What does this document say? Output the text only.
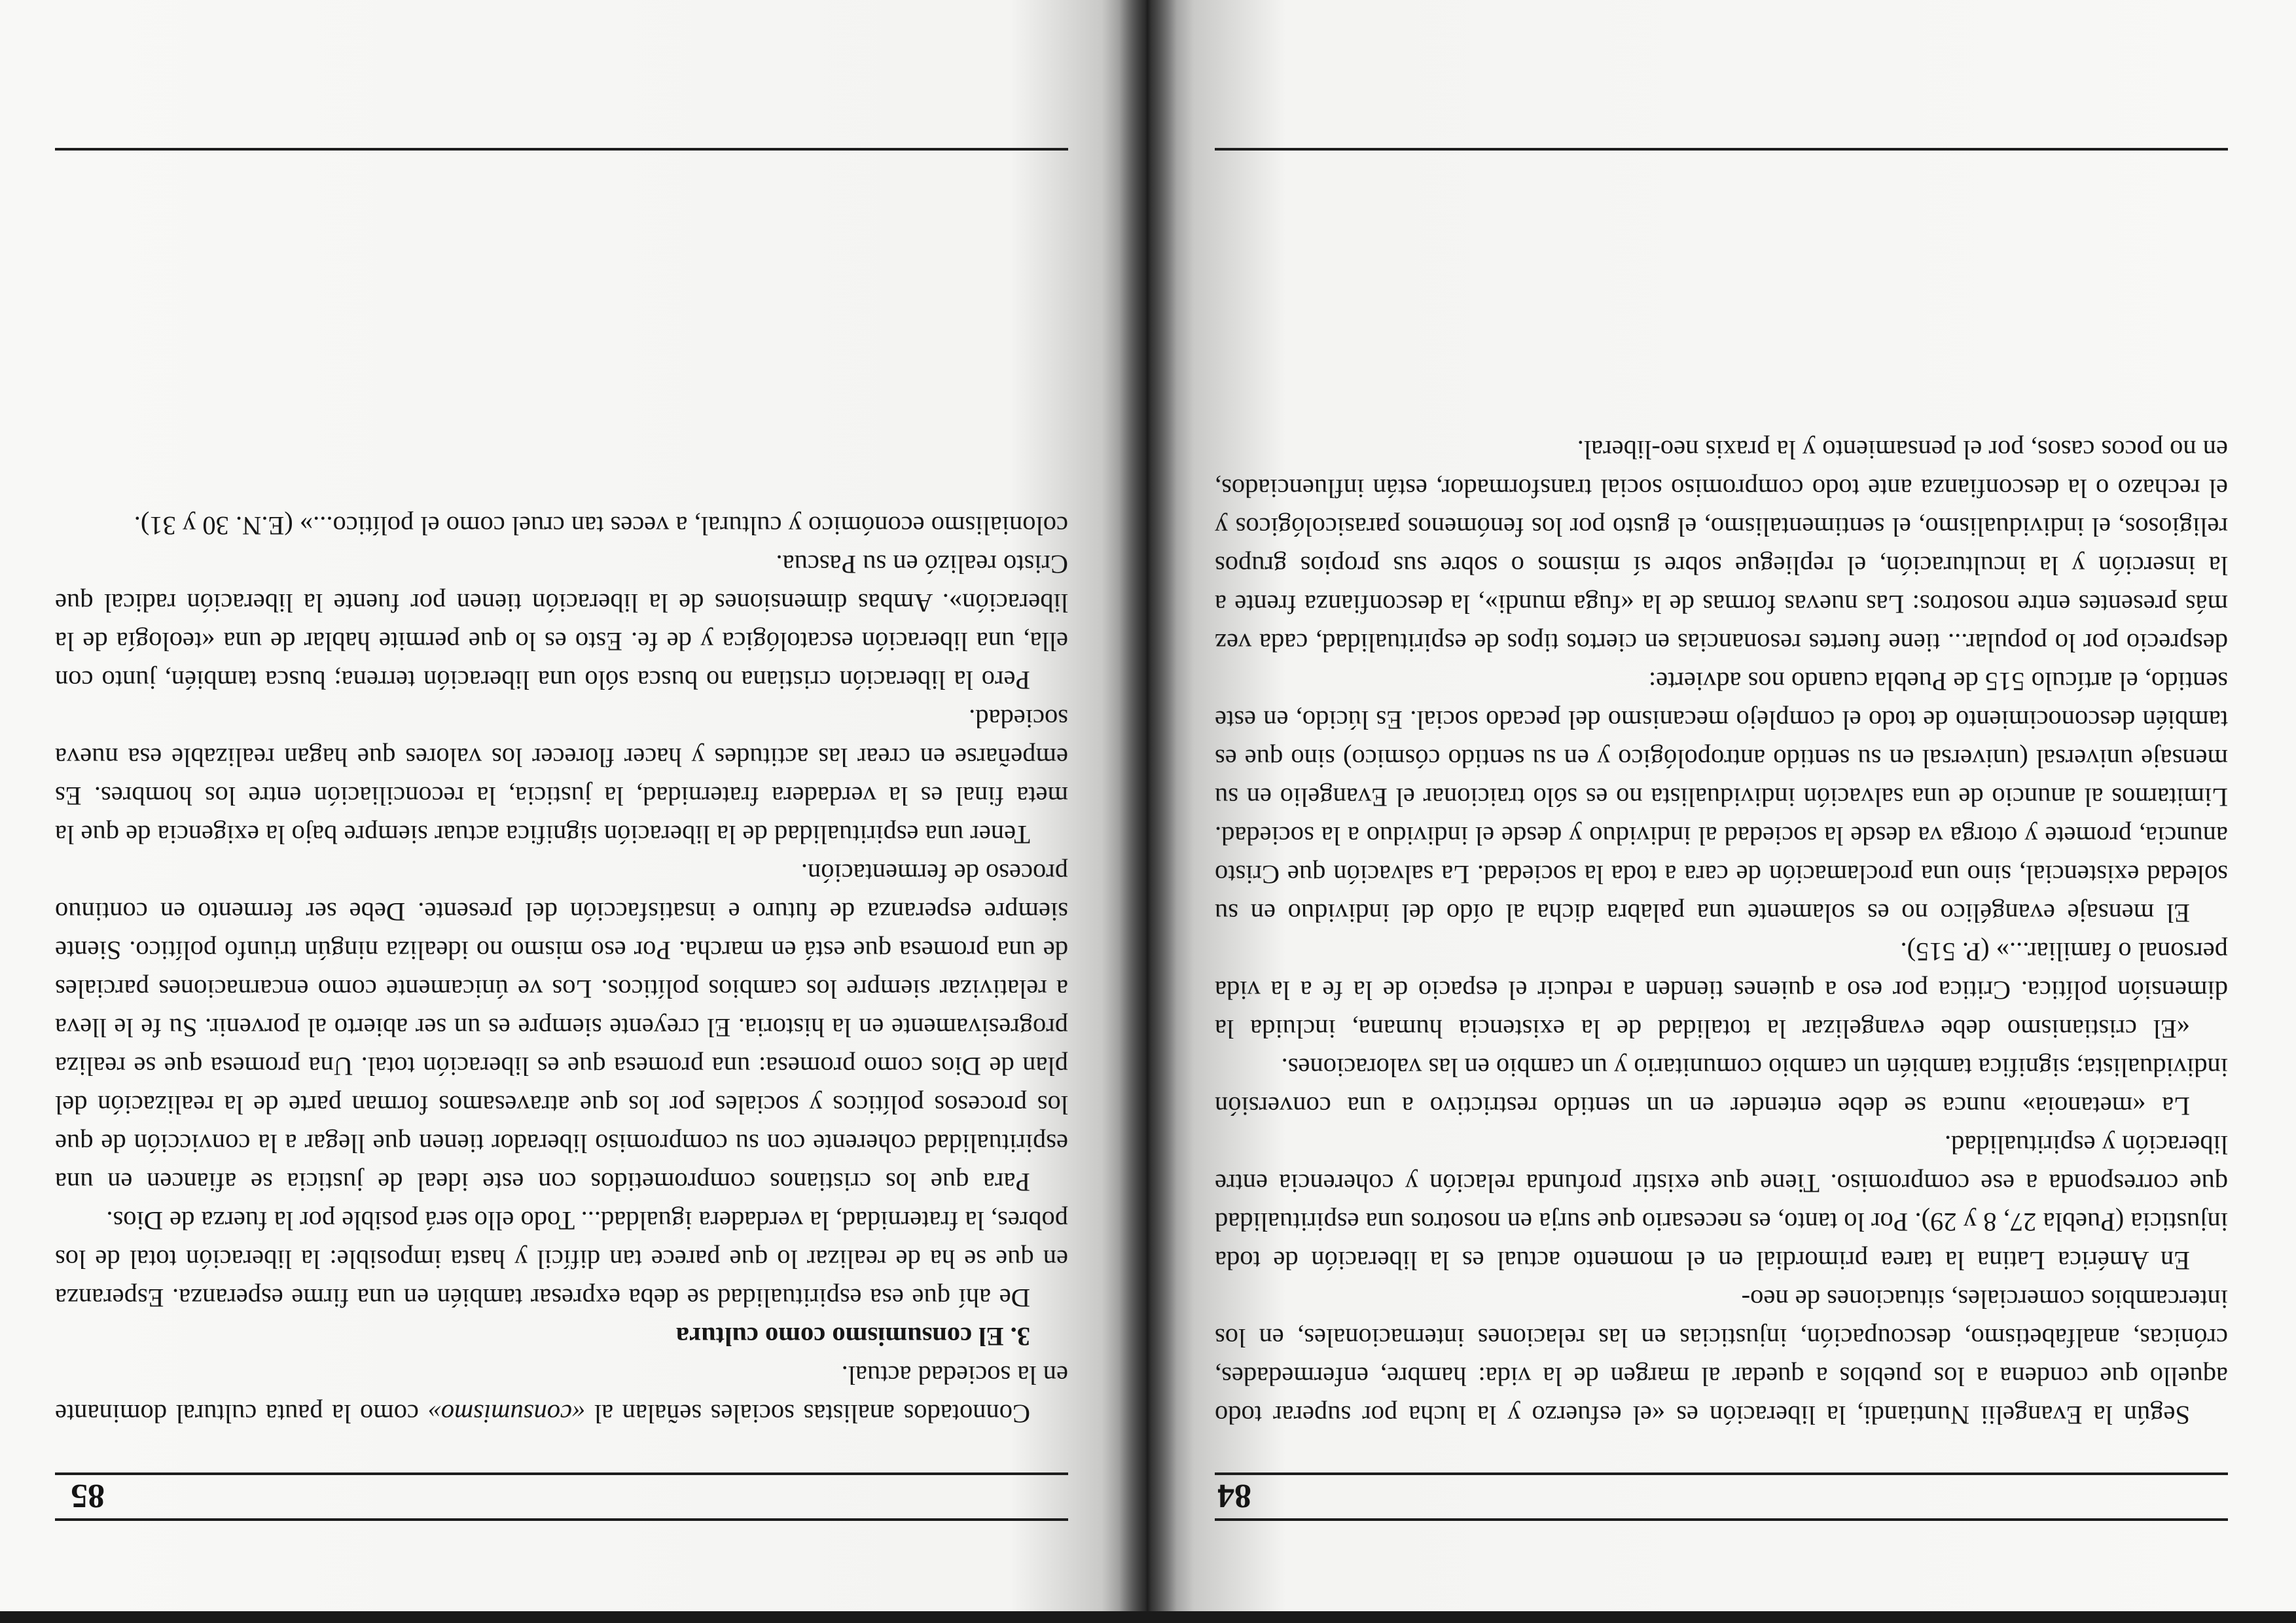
84

Según la Evangelii Nuntiandi, la liberación es «el esfuerzo y la lucha por superar todo aquello que condena a los pueblos a quedar al margen de la vida: hambre, enfermedades, crónicas, analfabetismo, descoupación, injusticias en las relaciones internacionales, en los intercambios comerciales, situaciones de neo-

En América Latina la tarea primordial en el momento actual es la liberación de toda injusticia (Puebla 27, 8 y 29). Por lo tanto, es necesario que surja en nosotros una espiritualidad que corresponda a ese compromiso. Tiene que existir profunda relación y coherencia entre liberación y espiritualidad.

La «metanoia» nunca se debe entender en un sentido restrictivo a una conversión individualista; significa también un cambio comunitario y un cambio en las valoraciones.

«El cristianismo debe evangelizar la totalidad de la existencia humana, incluida la dimensión política. Critica por eso a quienes tienden a reducir el espacio de la fe a la vida personal o familiar...» (P. 515).

El mensaje evangélico no es solamente una palabra dicha al oído del individuo en su soledad existencial, sino una proclamación de cara a toda la sociedad. La salvación que Cristo anuncia, promete y otorga va desde la sociedad al individuo y desde el individuo a la sociedad. Limitarnos al anuncio de una salvación individualista no es sólo traicionar el Evangelio en su mensaje universal (universal en su sentido antropológico y en su sentido cósmico) sino que es también desconocimiento de todo el complejo mecanismo del pecado social. Es lúcido, en este sentido, el artículo 515 de Puebla cuando nos advierte:

desprecio por lo popular... tiene fuertes resonancias en ciertos tipos de espiritualidad, cada vez más presentes entre nosotros: Las nuevas formas de la «fuga mundi», la desconfianza frente a la inserción y la inculturación, el repliegue sobre sí mismos o sobre sus propios grupos religiosos, el individualismo, el sentimentalismo, el gusto por los fenómenos parasicológicos y el rechazo o la desconfianza ante todo compromiso social transformador, están influenciados, en no pocos casos, por el pensamiento y la praxis neo-liberal.

85

Connotados analistas sociales señalan al «consumismo» como la pauta cultural dominante en la sociedad actual.

3. El consumismo como cultura

De ahí que esa espiritualidad se deba expresar también en una firme esperanza. Esperanza en que se ha de realizar lo que parece tan difícil y hasta imposible: la liberación total de los pobres, la fraternidad, la verdadera igualdad... Todo ello será posible por la fuerza de Dios.

Para que los cristianos comprometidos con este ideal de justicia se afiancen en una espiritualidad coherente con su compromiso liberador tienen que llegar a la convicción de que los procesos políticos y sociales por los que atravesamos forman parte de la realización del plan de Dios como promesa: una promesa que es liberación total. Una promesa que se realiza progresivamente en la historia. El creyente siempre es un ser abierto al porvenir. Su fe le lleva a relativizar siempre los cambios políticos. Los ve únicamente como encarnaciones parciales de una promesa que está en marcha. Por eso mismo no idealiza ningún triunfo político. Siente siempre esperanza de futuro e insatisfacción del presente. Debe ser fermento en continuo proceso de fermentación.

Tener una espiritualidad de la liberación significa actuar siempre bajo la exigencia de que la meta final es la verdadera fraternidad, la justicia, la reconciliación entre los hombres. Es empeñarse en crear las actitudes y hacer florecer los valores que hagan realizable esa nueva sociedad.

Pero la liberación cristiana no busca sólo una liberación terrena; busca también, junto con ella, una liberación escatológica y de fe. Esto es lo que permite hablar de una «teología de la liberación». Ambas dimensiones de la liberación tienen por fuente la liberación radical que Cristo realizó en su Pascua.

colonialismo económico y cultural, a veces tan cruel como el político...» (E.N. 30 y 31).
